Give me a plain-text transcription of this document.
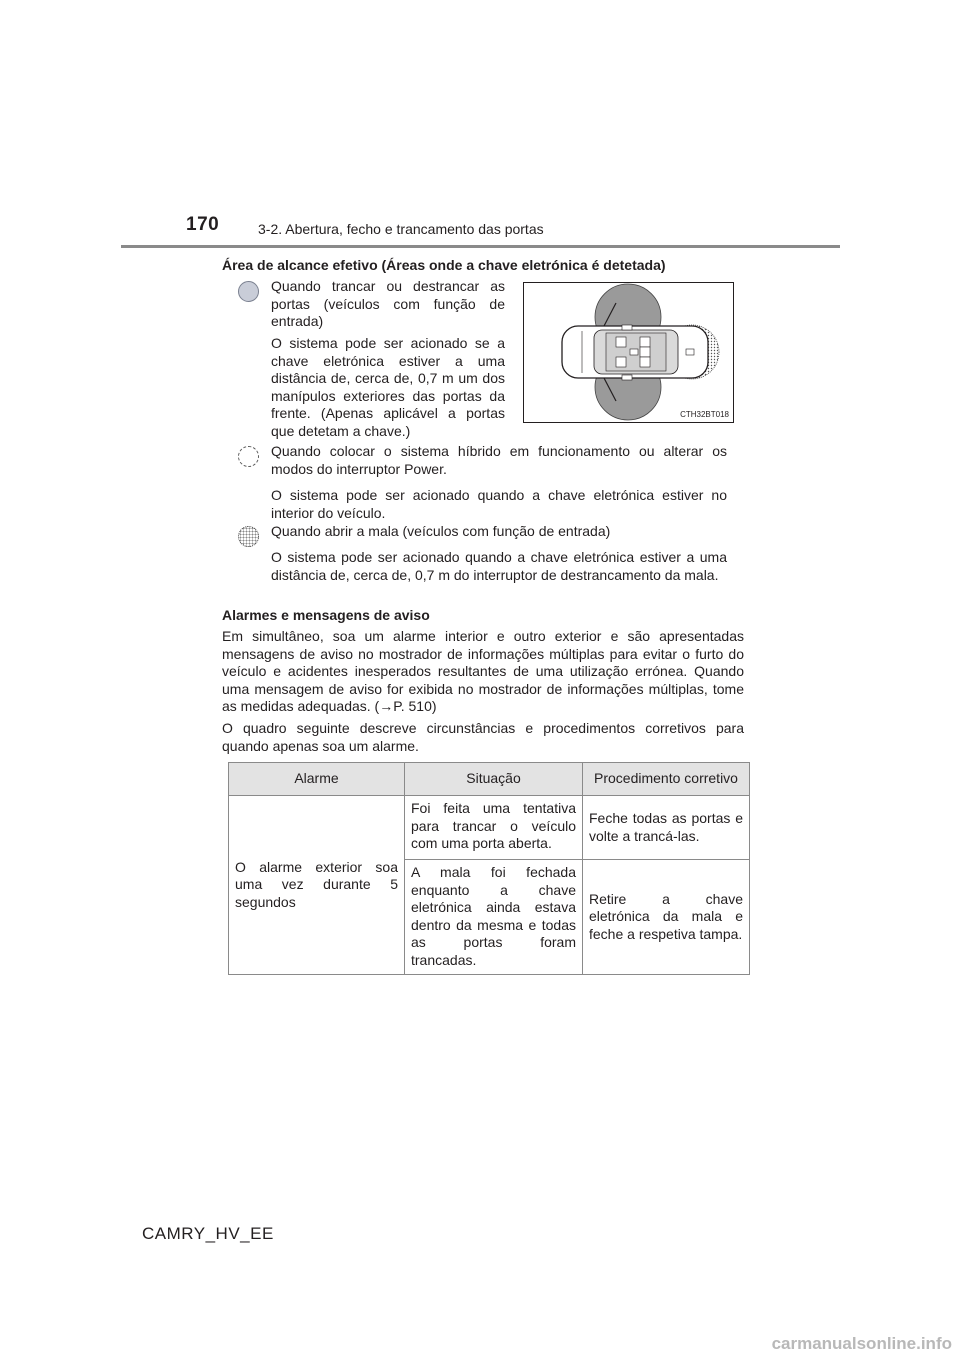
170	3-2. Abertura, fecho e trancamento das portas
Área de alcance efetivo (Áreas onde a chave eletrónica é detetada)
Quando trancar ou destrancar as portas (veículos com função de entrada)
O sistema pode ser acionado se a chave eletrónica estiver a uma distância de, cerca de, 0,7 m um dos manípulos exteriores das portas da frente. (Apenas aplicável a portas que detetam a chave.)
CTH32BT018
Quando colocar o sistema híbrido em funcionamento ou alterar os modos do interruptor Power.
O sistema pode ser acionado quando a chave eletrónica estiver no interior do veículo.
Quando abrir a mala (veículos com função de entrada)
O sistema pode ser acionado quando a chave eletrónica estiver a uma distância de, cerca de, 0,7 m do interruptor de destrancamento da mala.
Alarmes e mensagens de aviso
Em simultâneo, soa um alarme interior e outro exterior e são apresentadas mensagens de aviso no mostrador de informações múltiplas para evitar o furto do veículo e acidentes inesperados resultantes de uma utilização errónea. Quando uma mensagem de aviso for exibida no mostrador de informações múltiplas, tome as medidas adequadas. (→P. 510)
O quadro seguinte descreve circunstâncias e procedimentos corretivos para quando apenas soa um alarme.
Alarme	Situação	Procedimento corretivo
O alarme exterior soa uma vez durante 5 segundos	Foi feita uma tentativa para trancar o veículo com uma porta aberta.	Feche todas as portas e volte a trancá-las.
	A mala foi fechada enquanto a chave eletrónica ainda estava dentro da mesma e todas as portas foram trancadas.	Retire a chave eletrónica da mala e feche a respetiva tampa.
CAMRY_HV_EE
carmanualsonline.info
